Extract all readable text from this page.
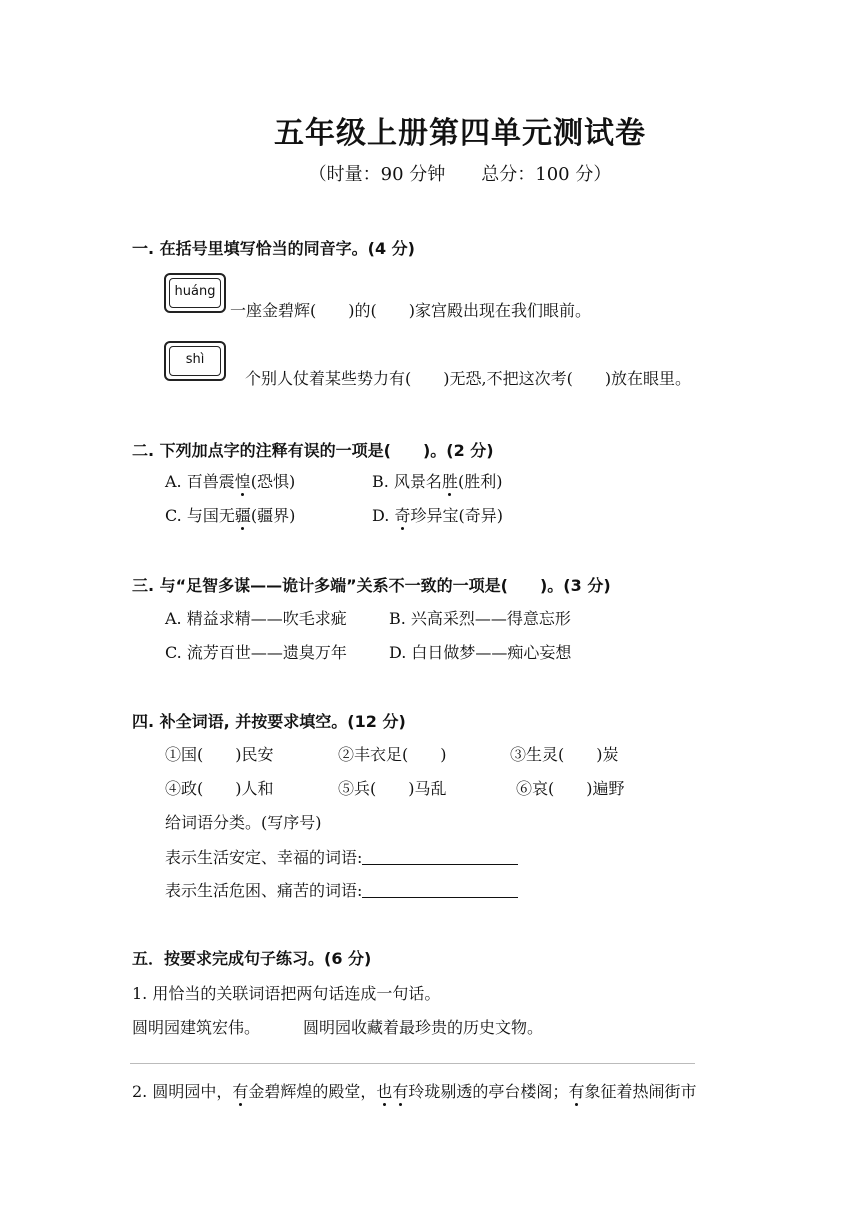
五年级上册第四单元测试卷
（时量：90 分钟　　总分：100 分）
一. 在括号里填写恰当的同音字。(4 分)
huáng
一座金碧辉(　　)的(　　)家宫殿出现在我们眼前。
shì
个别人仗着某些势力有(　　)无恐,不把这次考(　　)放在眼里。
二. 下列加点字的注释有误的一项是(　　)。(2 分)
A. 百兽震惶(恐惧)	B. 风景名胜(胜利)
C. 与国无疆(疆界)	D. 奇珍异宝(奇异)
三. 与“足智多谋——诡计多端”关系不一致的一项是(　　)。(3 分)
A. 精益求精——吹毛求疵	B. 兴高采烈——得意忘形
C. 流芳百世——遗臭万年	D. 白日做梦——痴心妄想
四. 补全词语, 并按要求填空。(12 分)
①国(　　)民安	②丰衣足(　　)	③生灵(　　)炭
④政(　　)人和	⑤兵(　　)马乱	⑥哀(　　)遍野
给词语分类。(写序号)
表示生活安定、幸福的词语:
表示生活危困、痛苦的词语:
五．按要求完成句子练习。(6 分)
1. 用恰当的关联词语把两句话连成一句话。
圆明园建筑宏伟。	圆明园收藏着最珍贵的历史文物。
2. 圆明园中，有金碧辉煌的殿堂，也有玲珑剔透的亭台楼阁；有象征着热闹街市
